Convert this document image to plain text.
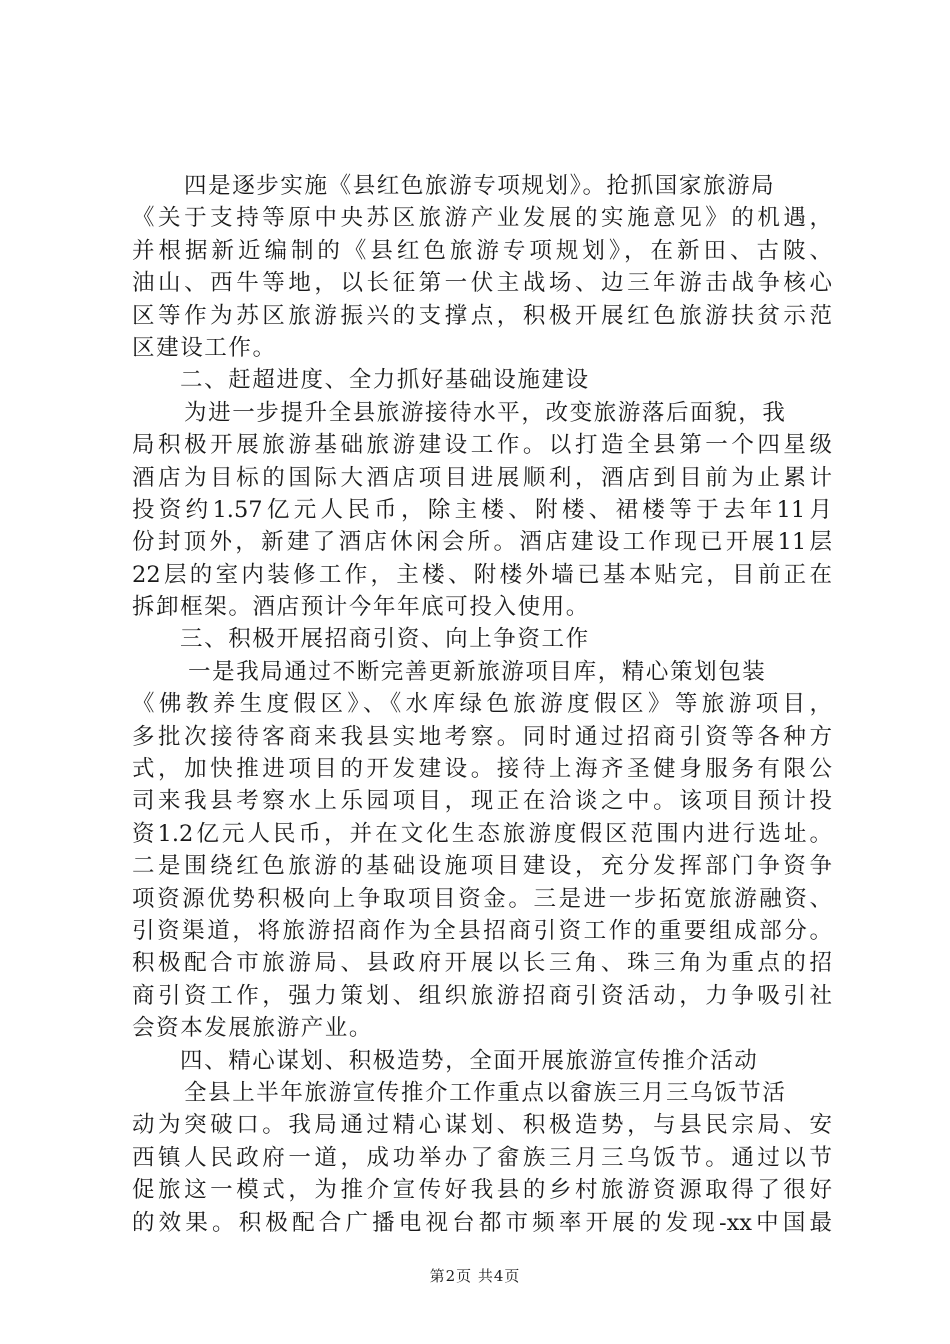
四是逐步实施《县红色旅游专项规划》。抢抓国家旅游局
《关于支持等原中央苏区旅游产业发展的实施意见》的机遇，
并根据新近编制的《县红色旅游专项规划》，在新田、古陂、
油山、西牛等地，以长征第一伏主战场、边三年游击战争核心
区等作为苏区旅游振兴的支撑点，积极开展红色旅游扶贫示范
区建设工作。
二、赶超进度、全力抓好基础设施建设
为进一步提升全县旅游接待水平，改变旅游落后面貌，我
局积极开展旅游基础旅游建设工作。以打造全县第一个四星级
酒店为目标的国际大酒店项目进展顺利，酒店到目前为止累计
投资约1.57亿元人民币，除主楼、附楼、裙楼等于去年11月
份封顶外，新建了酒店休闲会所。酒店建设工作现已开展11层
22层的室内装修工作，主楼、附楼外墙已基本贴完，目前正在
拆卸框架。酒店预计今年年底可投入使用。
三、积极开展招商引资、向上争资工作
一是我局通过不断完善更新旅游项目库，精心策划包装
《佛教养生度假区》、《水库绿色旅游度假区》等旅游项目，
多批次接待客商来我县实地考察。同时通过招商引资等各种方
式，加快推进项目的开发建设。接待上海齐圣健身服务有限公
司来我县考察水上乐园项目，现正在洽谈之中。该项目预计投
资1.2亿元人民币，并在文化生态旅游度假区范围内进行选址。
二是围绕红色旅游的基础设施项目建设，充分发挥部门争资争
项资源优势积极向上争取项目资金。三是进一步拓宽旅游融资、
引资渠道，将旅游招商作为全县招商引资工作的重要组成部分。
积极配合市旅游局、县政府开展以长三角、珠三角为重点的招
商引资工作，强力策划、组织旅游招商引资活动，力争吸引社
会资本发展旅游产业。
四、精心谋划、积极造势，全面开展旅游宣传推介活动
全县上半年旅游宣传推介工作重点以畲族三月三乌饭节活
动为突破口。我局通过精心谋划、积极造势，与县民宗局、安
西镇人民政府一道，成功举办了畲族三月三乌饭节。通过以节
促旅这一模式，为推介宣传好我县的乡村旅游资源取得了很好
的效果。积极配合广播电视台都市频率开展的发现-xx中国最
第2页 共4页
